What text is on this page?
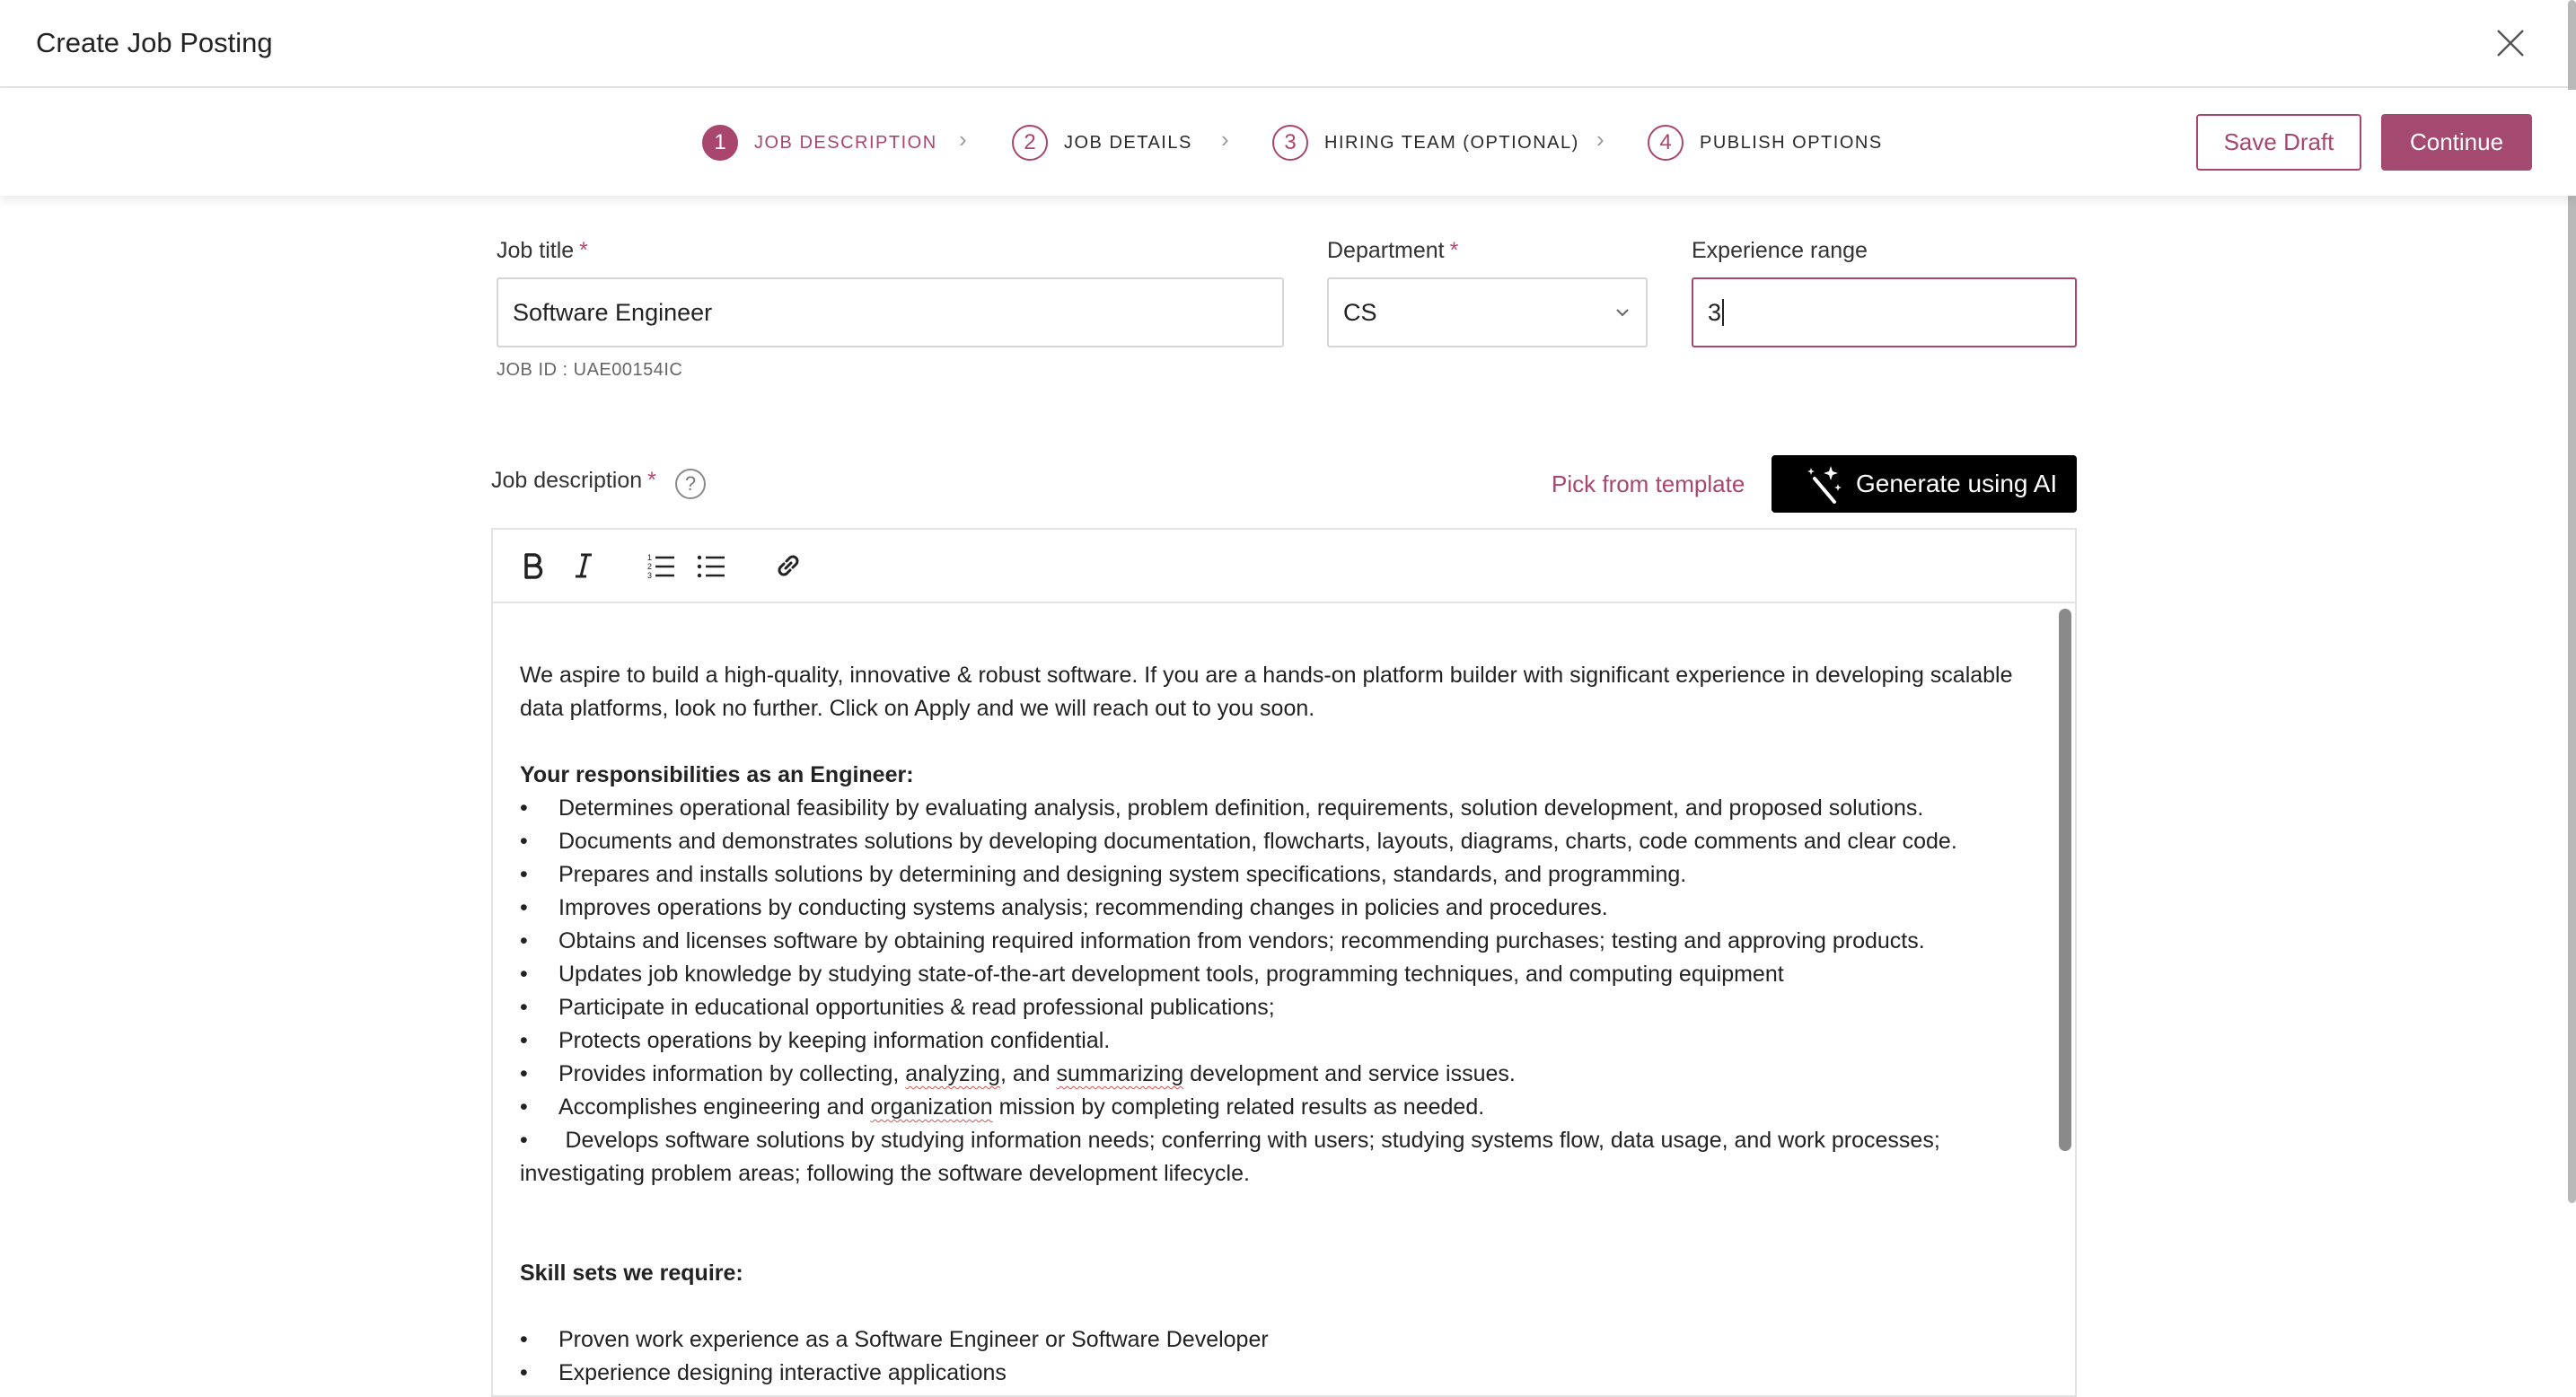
Create Job Posting
1	JOB DESCRIPTION ›	2	JOB DETAILS ›	3	HIRING TEAM (OPTIONAL) ›	4	PUBLISH OPTIONS	Save Draft	Continue
Job title *
Software Engineer
JOB ID : UAE00154IC
Department *
CS
Experience range
3
Job description *	?	Pick from template	Generate using AI
1
2
3

We aspire to build a high-quality, innovative & robust software. If you are a hands-on platform builder with significant experience in developing scalable data platforms, look no further. Click on Apply and we will reach out to you soon.

Your responsibilities as an Engineer:

• Determines operational feasibility by evaluating analysis, problem definition, requirements, solution development, and proposed solutions.

• Documents and demonstrates solutions by developing documentation, flowcharts, layouts, diagrams, charts, code comments and clear code.

• Prepares and installs solutions by determining and designing system specifications, standards, and programming.

• Improves operations by conducting systems analysis; recommending changes in policies and procedures.

• Obtains and licenses software by obtaining required information from vendors; recommending purchases; testing and approving products.

• Updates job knowledge by studying state-of-the-art development tools, programming techniques, and computing equipment

• Participate in educational opportunities & read professional publications;

• Protects operations by keeping information confidential.

• Provides information by collecting, analyzing, and summarizing development and service issues.

• Accomplishes engineering and organization mission by completing related results as needed.

•      Develops software solutions by studying information needs; conferring with users; studying systems flow, data usage, and work processes; investigating problem areas; following the software development lifecycle.

Skill sets we require:

• Proven work experience as a Software Engineer or Software Developer

• Experience designing interactive applications
